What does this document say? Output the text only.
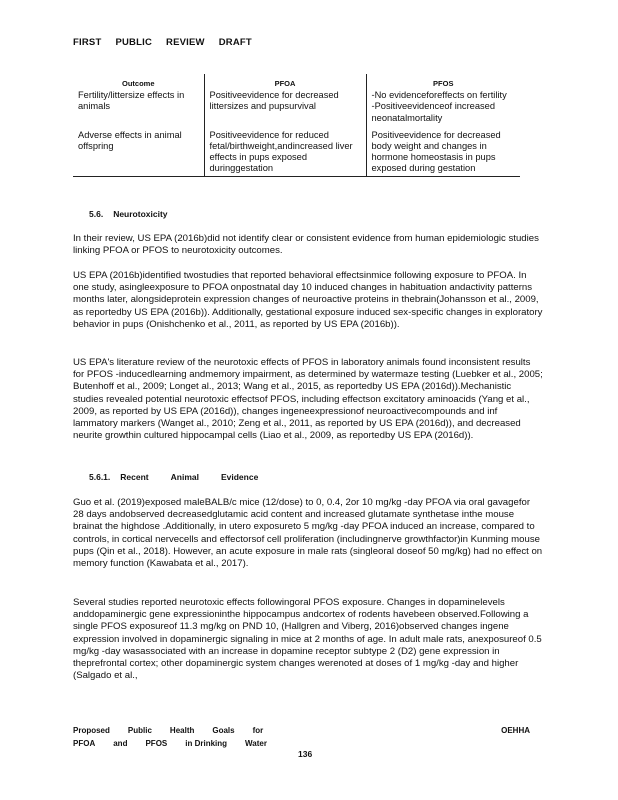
FIRST PUBLIC REVIEW DRAFT
Outcome	PFOA	PFOS
Fertility/littersize effects in animals	Positiveevidence for decreased littersizes and pupsurvival	-No evidenceforeffects on fertility
-Positiveevidenceof increased neonatalmortality

Adverse effects in animal offspring	Positiveevidence for reduced fetal/birthweight,andincreased liver effects in pups exposed duringgestation	Positiveevidence for decreased body weight and changes in hormone homeostasis in pups exposed during gestation
5.6. Neurotoxicity

In their review, US EPA (2016b)did not identify clear or consistent evidence from human epidemiologic studies linking PFOA or PFOS to neurotoxicity outcomes.

US EPA (2016b)identified twostudies that reported behavioral effectsinmice following exposure to PFOA. In one study, asingleexposure to PFOA onpostnatal day 10 induced changes in habituation andactivity patterns months later, alongsideprotein expression changes of neuroactive proteins in thebrain(Johansson et al., 2009, as reportedby US EPA (2016b)). Additionally, gestational exposure induced sex-specific changes in exploratory behavior in pups (Onishchenko et al., 2011, as reported by US EPA (2016b)).

US EPA's literature review of the neurotoxic effects of PFOS in laboratory animals found inconsistent results for PFOS -inducedlearning andmemory impairment, as determined by watermaze testing (Luebker et al., 2005; Butenhoff et al., 2009; Longet al., 2013; Wang et al., 2015, as reportedby US EPA (2016d)).Mechanistic studies revealed potential neurotoxic effectsof PFOS, including effectson excitatory aminoacids (Yang et al., 2009, as reported by US EPA (2016d)), changes ingeneexpressionof neuroactivecompounds and inf lammatory markers (Wanget al., 2010; Zeng et al., 2011, as reported by US EPA (2016d)), and decreased neurite growthin cultured hippocampal cells (Liao et al., 2009, as reportedby US EPA (2016d)).

5.6.1. Recent	Animal	Evidence

Guo et al. (2019)exposed maleBALB/c mice (12/dose) to 0, 0.4, 2or 10 mg/kg -day PFOA via oral gavagefor 28 days andobserved decreasedglutamic acid content and increased glutamate synthetase inthe mouse brainat the highdose .Additionally, in utero exposureto 5 mg/kg -day PFOA induced an increase, compared to controls, in cortical nervecells and effectorsof cell proliferation (includingnerve growthfactor)in Kunming mouse pups (Qin et al., 2018). However, an acute exposure in male rats (singleoral doseof 50 mg/kg) had no effect on memory function (Kawabata et al., 2017).

Several studies reported neurotoxic effects followingoral PFOS exposure. Changes in dopaminelevels anddopaminergic gene expressioninthe hippocampus andcortex of rodents havebeen observed.Following a single PFOS exposureof 11.3 mg/kg on PND 10, (Hallgren and Viberg, 2016)observed changes ingene expression involved in dopaminergic signaling in mice at 2 months of age. In adult male rats, anexposureof 0.5 mg/kg -day wasassociated with an increase in dopamine receptor subtype 2 (D2) gene expression in theprefrontal cortex; other dopaminergic system changes werenoted at doses of 1 mg/kg -day and higher (Salgado et al.,

Proposed Public Health Goals for
PFOA and PFOS in Drinking Water
OEHHA
136
